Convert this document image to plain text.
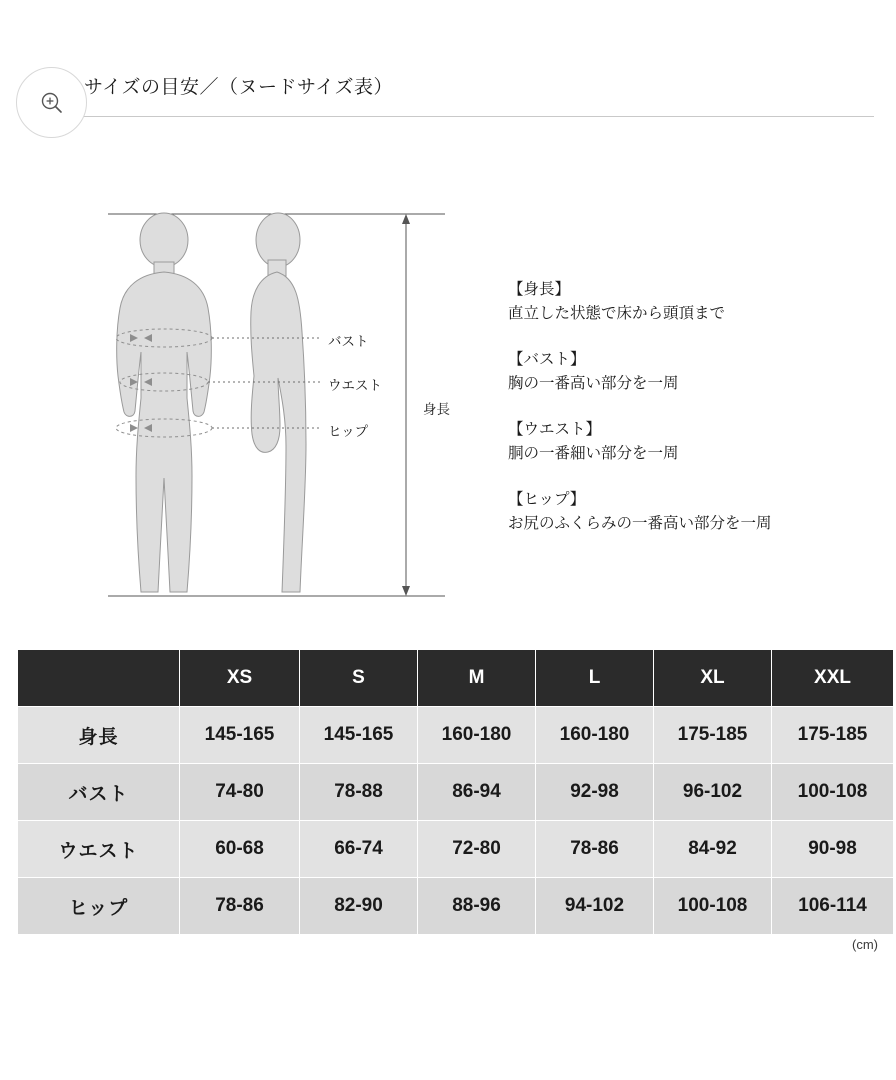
サイズの目安／（ヌードサイズ表）
バスト
ウエスト
ヒップ
身長
【身長】
直立した状態で床から頭頂まで
【バスト】
胸の一番高い部分を一周
【ウエスト】
胴の一番細い部分を一周
【ヒップ】
お尻のふくらみの一番高い部分を一周
	XS	S	M	L	XL	XXL
身長	145-165	145-165	160-180	160-180	175-185	175-185
バスト	74-80	78-88	86-94	92-98	96-102	100-108
ウエスト	60-68	66-74	72-80	78-86	84-92	90-98
ヒップ	78-86	82-90	88-96	94-102	100-108	106-114
(cm)
